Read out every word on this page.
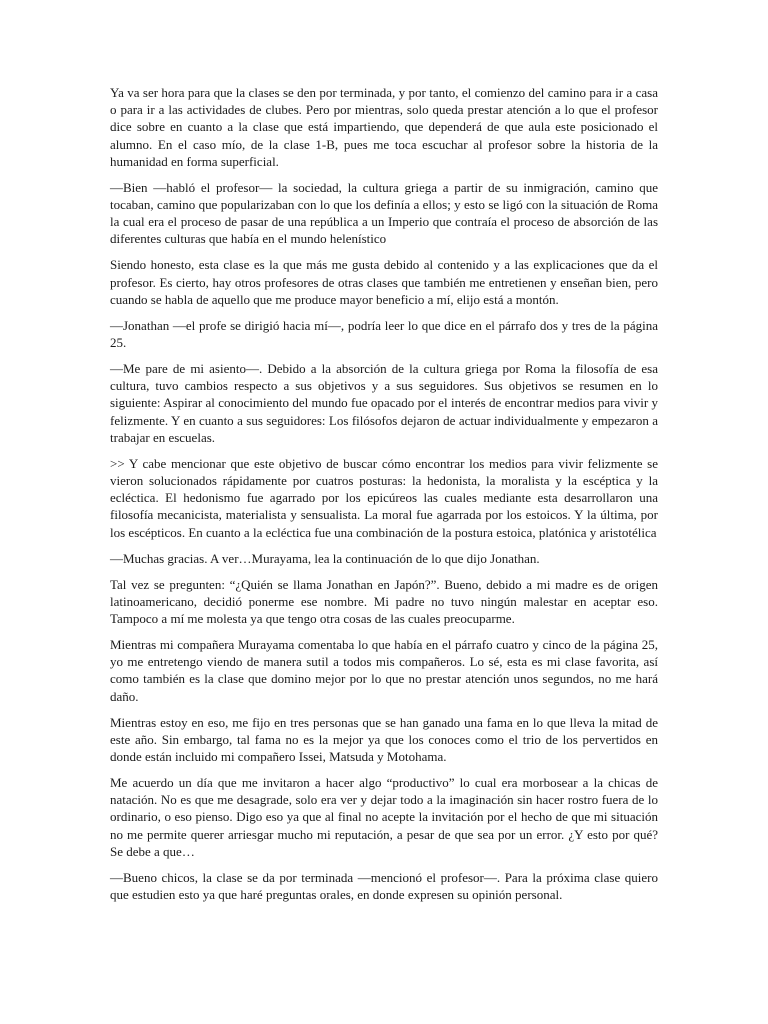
Ya va ser hora para que la clases se den por terminada, y por tanto, el comienzo del camino para ir a casa o para ir a las actividades de clubes. Pero por mientras, solo queda prestar atención a lo que el profesor dice sobre en cuanto a la clase que está impartiendo, que dependerá de que aula este posicionado el alumno. En el caso mío, de la clase 1-B, pues me toca escuchar al profesor sobre la historia de la humanidad en forma superficial.

—Bien —habló el profesor— la sociedad, la cultura griega a partir de su inmigración, camino que tocaban, camino que popularizaban con lo que los definía a ellos; y esto se ligó con la situación de Roma la cual era el proceso de pasar de una república a un Imperio que contraía el proceso de absorción de las diferentes culturas que había en el mundo helenístico

Siendo honesto, esta clase es la que más me gusta debido al contenido y a las explicaciones que da el profesor. Es cierto, hay otros profesores de otras clases que también me entretienen y enseñan bien, pero cuando se habla de aquello que me produce mayor beneficio a mí, elijo está a montón.

—Jonathan —el profe se dirigió hacia mí—, podría leer lo que dice en el párrafo dos y tres de la página 25.

—Me pare de mi asiento—. Debido a la absorción de la cultura griega por Roma la filosofía de esa cultura, tuvo cambios respecto a sus objetivos y a sus seguidores. Sus objetivos se resumen en lo siguiente: Aspirar al conocimiento del mundo fue opacado por el interés de encontrar medios para vivir y felizmente. Y en cuanto a sus seguidores: Los filósofos dejaron de actuar individualmente y empezaron a trabajar en escuelas.

>> Y cabe mencionar que este objetivo de buscar cómo encontrar los medios para vivir felizmente se vieron solucionados rápidamente por cuatros posturas: la hedonista, la moralista y la escéptica y la ecléctica. El hedonismo fue agarrado por los epicúreos las cuales mediante esta desarrollaron una filosofía mecanicista, materialista y sensualista. La moral fue agarrada por los estoicos. Y la última, por los escépticos. En cuanto a la ecléctica fue una combinación de la postura estoica, platónica y aristotélica

—Muchas gracias. A ver…Murayama, lea la continuación de lo que dijo Jonathan.

Tal vez se pregunten: “¿Quién se llama Jonathan en Japón?”. Bueno, debido a mi madre es de origen latinoamericano, decidió ponerme ese nombre. Mi padre no tuvo ningún malestar en aceptar eso. Tampoco a mí me molesta ya que tengo otra cosas de las cuales preocuparme.

Mientras mi compañera Murayama comentaba lo que había en el párrafo cuatro y cinco de la página 25, yo me entretengo viendo de manera sutil a todos mis compañeros. Lo sé, esta es mi clase favorita, así como también es la clase que domino mejor por lo que no prestar atención unos segundos, no me hará daño.

Mientras estoy en eso, me fijo en tres personas que se han ganado una fama en lo que lleva la mitad de este año. Sin embargo, tal fama no es la mejor ya que los conoces como el trio de los pervertidos en donde están incluido mi compañero Issei, Matsuda y Motohama.

Me acuerdo un día que me invitaron a hacer algo “productivo” lo cual era morbosear a la chicas de natación. No es que me desagrade, solo era ver y dejar todo a la imaginación sin hacer rostro fuera de lo ordinario, o eso pienso. Digo eso ya que al final no acepte la invitación por el hecho de que mi situación no me permite querer arriesgar mucho mi reputación, a pesar de que sea por un error. ¿Y esto por qué? Se debe a que…

—Bueno chicos, la clase se da por terminada —mencionó el profesor—. Para la próxima clase quiero que estudien esto ya que haré preguntas orales, en donde expresen su opinión personal.
